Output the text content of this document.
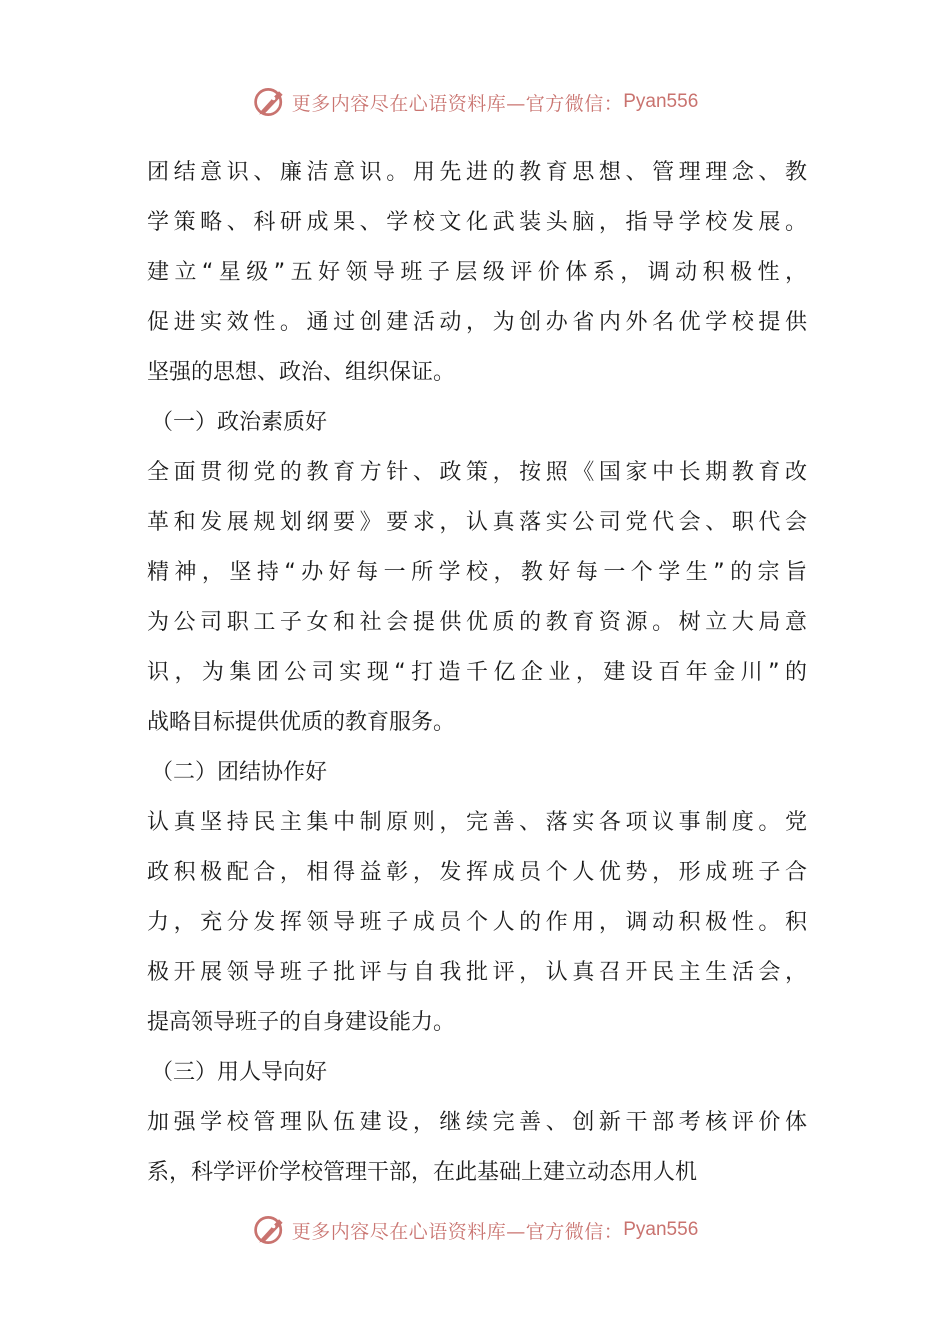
更多内容尽在心语资料库—官方微信： Pyan556
团结意识、廉洁意识。用先进的教育思想、管理理念、教
学策略、科研成果、学校文化武装头脑，指导学校发展。
建立“星级”五好领导班子层级评价体系，调动积极性，
促进实效性。通过创建活动，为创办省内外名优学校提供
坚强的思想、政治、组织保证。
（一）政治素质好
全面贯彻党的教育方针、政策，按照《国家中长期教育改
革和发展规划纲要》要求，认真落实公司党代会、职代会
精神，坚持“办好每一所学校，教好每一个学生”的宗旨
为公司职工子女和社会提供优质的教育资源。树立大局意
识，为集团公司实现“打造千亿企业，建设百年金川”的
战略目标提供优质的教育服务。
（二）团结协作好
认真坚持民主集中制原则，完善、落实各项议事制度。党
政积极配合，相得益彰，发挥成员个人优势，形成班子合
力，充分发挥领导班子成员个人的作用，调动积极性。积
极开展领导班子批评与自我批评，认真召开民主生活会，
提高领导班子的自身建设能力。
（三）用人导向好
加强学校管理队伍建设，继续完善、创新干部考核评价体
系，科学评价学校管理干部，在此基础上建立动态用人机
更多内容尽在心语资料库—官方微信： Pyan556
